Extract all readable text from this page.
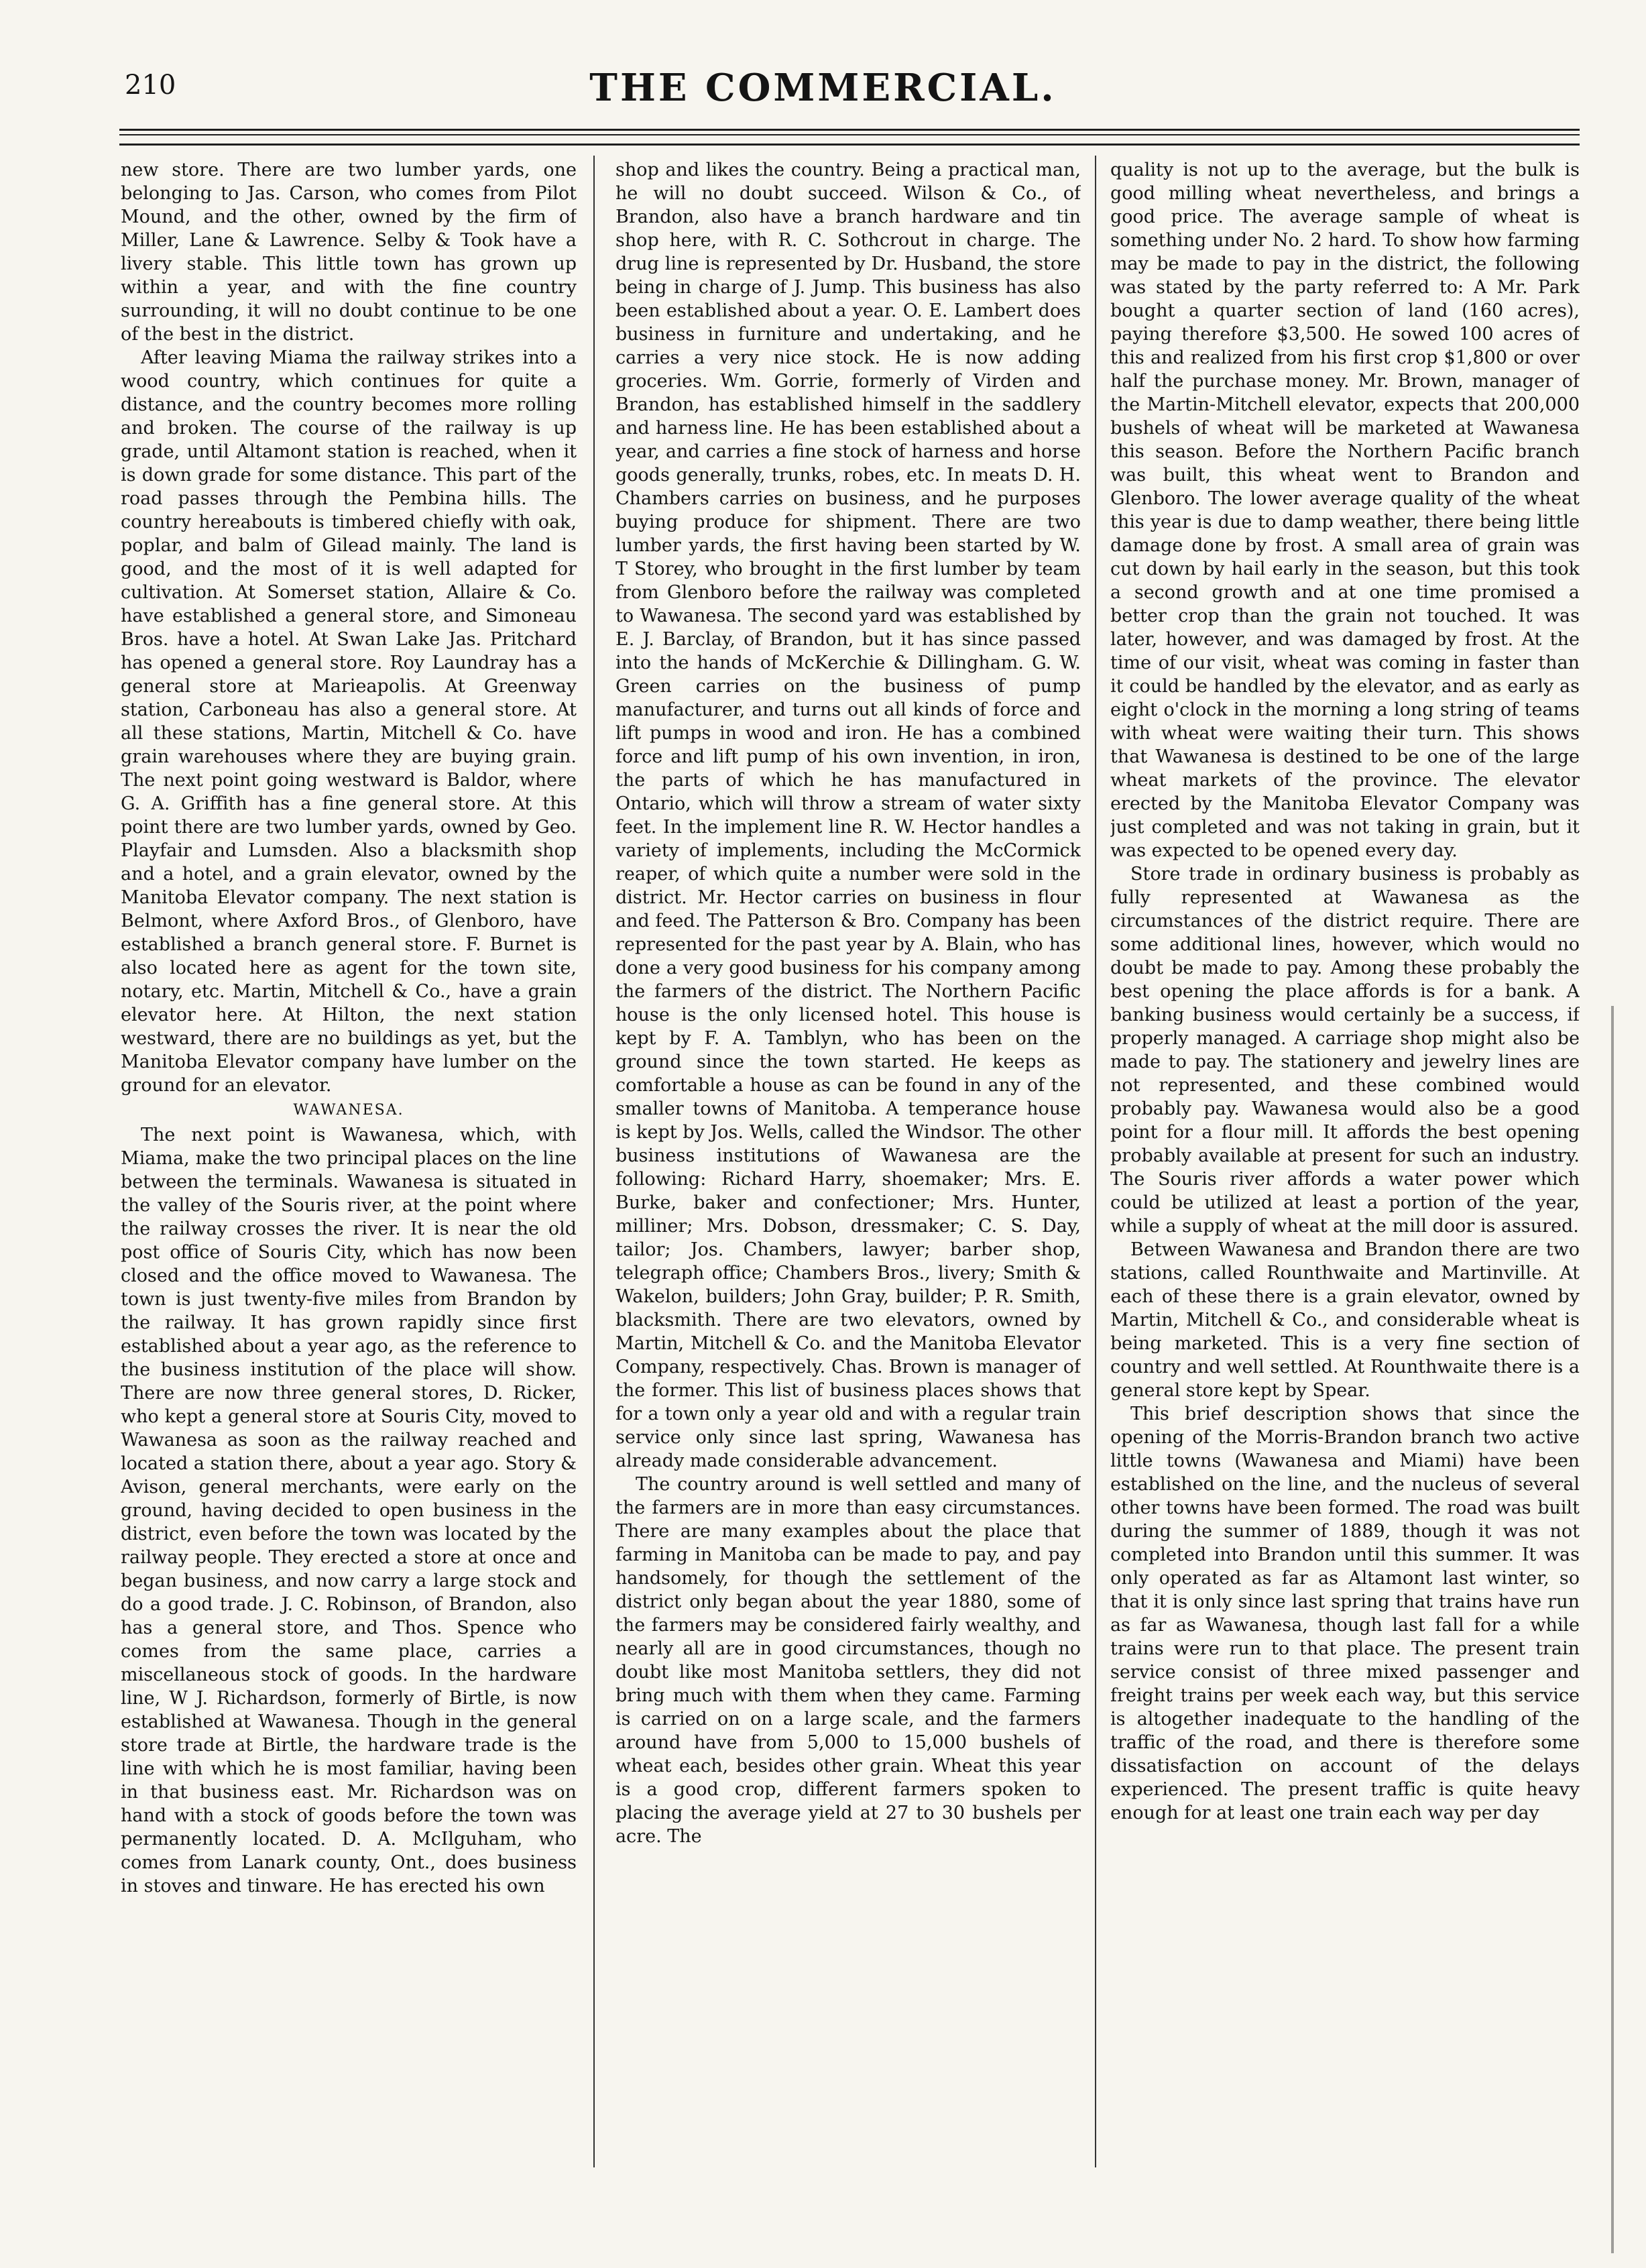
210	THE COMMERCIAL.

new store. There are two lumber yards, one belonging to Jas. Carson, who comes from Pilot Mound, and the other, owned by the firm of Miller, Lane & Lawrence. Selby & Took have a livery stable. This little town has grown up within a year, and with the fine country surrounding, it will no doubt continue to be one of the best in the district.

After leaving Miama the railway strikes into a wood country, which continues for quite a distance, and the country becomes more rolling and broken. The course of the railway is up grade, until Altamont station is reached, when it is down grade for some distance. This part of the road passes through the Pembina hills. The country hereabouts is timbered chiefly with oak, poplar, and balm of Gilead mainly. The land is good, and the most of it is well adapted for cultivation. At Somerset station, Allaire & Co. have established a general store, and Simoneau Bros. have a hotel. At Swan Lake Jas. Pritchard has opened a general store. Roy Laundray has a general store at Marieapolis. At Greenway station, Carboneau has also a general store. At all these stations, Martin, Mitchell & Co. have grain warehouses where they are buying grain. The next point going westward is Baldor, where G. A. Griffith has a fine general store. At this point there are two lumber yards, owned by Geo. Playfair and Lumsden. Also a blacksmith shop and a hotel, and a grain elevator, owned by the Manitoba Elevator company. The next station is Belmont, where Axford Bros., of Glenboro, have established a branch general store. F. Burnet is also located here as agent for the town site, notary, etc. Martin, Mitchell & Co., have a grain elevator here. At Hilton, the next station westward, there are no buildings as yet, but the Manitoba Elevator company have lumber on the ground for an elevator.

WAWANESA.

The next point is Wawanesa, which, with Miama, make the two principal places on the line between the terminals. Wawanesa is situated in the valley of the Souris river, at the point where the railway crosses the river. It is near the old post office of Souris City, which has now been closed and the office moved to Wawanesa. The town is just twenty-five miles from Brandon by the railway. It has grown rapidly since first established about a year ago, as the reference to the business institution of the place will show. There are now three general stores, D. Ricker, who kept a general store at Souris City, moved to Wawanesa as soon as the railway reached and located a station there, about a year ago. Story & Avison, general merchants, were early on the ground, having decided to open business in the district, even before the town was located by the railway people. They erected a store at once and began business, and now carry a large stock and do a good trade. J. C. Robinson, of Brandon, also has a general store, and Thos. Spence who comes from the same place, carries a miscellaneous stock of goods. In the hardware line, W J. Richardson, formerly of Birtle, is now established at Wawanesa. Though in the general store trade at Birtle, the hardware trade is the line with which he is most familiar, having been in that business east. Mr. Richardson was on hand with a stock of goods before the town was permanently located. D. A. McIlguham, who comes from Lanark county, Ont., does business in stoves and tinware. He has erected his own

shop and likes the country. Being a practical man, he will no doubt succeed. Wilson & Co., of Brandon, also have a branch hardware and tin shop here, with R. C. Sothcrout in charge. The drug line is represented by Dr. Husband, the store being in charge of J. Jump. This business has also been established about a year. O. E. Lambert does business in furniture and undertaking, and he carries a very nice stock. He is now adding groceries. Wm. Gorrie, formerly of Virden and Brandon, has established himself in the saddlery and harness line. He has been established about a year, and carries a fine stock of harness and horse goods generally, trunks, robes, etc. In meats D. H. Chambers carries on business, and he purposes buying produce for shipment. There are two lumber yards, the first having been started by W. T Storey, who brought in the first lumber by team from Glenboro before the railway was completed to Wawanesa. The second yard was established by E. J. Barclay, of Brandon, but it has since passed into the hands of McKerchie & Dillingham. G. W. Green carries on the business of pump manufacturer, and turns out all kinds of force and lift pumps in wood and iron. He has a combined force and lift pump of his own invention, in iron, the parts of which he has manufactured in Ontario, which will throw a stream of water sixty feet. In the implement line R. W. Hector handles a variety of implements, including the McCormick reaper, of which quite a number were sold in the district. Mr. Hector carries on business in flour and feed. The Patterson & Bro. Company has been represented for the past year by A. Blain, who has done a very good business for his company among the farmers of the district. The Northern Pacific house is the only licensed hotel. This house is kept by F. A. Tamblyn, who has been on the ground since the town started. He keeps as comfortable a house as can be found in any of the smaller towns of Manitoba. A temperance house is kept by Jos. Wells, called the Windsor. The other business institutions of Wawanesa are the following: Richard Harry, shoemaker; Mrs. E. Burke, baker and confectioner; Mrs. Hunter, milliner; Mrs. Dobson, dressmaker; C. S. Day, tailor; Jos. Chambers, lawyer; barber shop, telegraph office; Chambers Bros., livery; Smith & Wakelon, builders; John Gray, builder; P. R. Smith, blacksmith. There are two elevators, owned by Martin, Mitchell & Co. and the Manitoba Elevator Company, respectively. Chas. Brown is manager of the former. This list of business places shows that for a town only a year old and with a regular train service only since last spring, Wawanesa has already made considerable advancement.

The country around is well settled and many of the farmers are in more than easy circumstances. There are many examples about the place that farming in Manitoba can be made to pay, and pay handsomely, for though the settlement of the district only began about the year 1880, some of the farmers may be considered fairly wealthy, and nearly all are in good circumstances, though no doubt like most Manitoba settlers, they did not bring much with them when they came. Farming is carried on on a large scale, and the farmers around have from 5,000 to 15,000 bushels of wheat each, besides other grain. Wheat this year is a good crop, different farmers spoken to placing the average yield at 27 to 30 bushels per acre. The

quality is not up to the average, but the bulk is good milling wheat nevertheless, and brings a good price. The average sample of wheat is something under No. 2 hard. To show how farming may be made to pay in the district, the following was stated by the party referred to: A Mr. Park bought a quarter section of land (160 acres), paying therefore $3,500. He sowed 100 acres of this and realized from his first crop $1,800 or over half the purchase money. Mr. Brown, manager of the Martin-Mitchell elevator, expects that 200,000 bushels of wheat will be marketed at Wawanesa this season. Before the Northern Pacific branch was built, this wheat went to Brandon and Glenboro. The lower average quality of the wheat this year is due to damp weather, there being little damage done by frost. A small area of grain was cut down by hail early in the season, but this took a second growth and at one time promised a better crop than the grain not touched. It was later, however, and was damaged by frost. At the time of our visit, wheat was coming in faster than it could be handled by the elevator, and as early as eight o'clock in the morning a long string of teams with wheat were waiting their turn. This shows that Wawanesa is destined to be one of the large wheat markets of the province. The elevator erected by the Manitoba Elevator Company was just completed and was not taking in grain, but it was expected to be opened every day.

Store trade in ordinary business is probably as fully represented at Wawanesa as the circumstances of the district require. There are some additional lines, however, which would no doubt be made to pay. Among these probably the best opening the place affords is for a bank. A banking business would certainly be a success, if properly managed. A carriage shop might also be made to pay. The stationery and jewelry lines are not represented, and these combined would probably pay. Wawanesa would also be a good point for a flour mill. It affords the best opening probably available at present for such an industry. The Souris river affords a water power which could be utilized at least a portion of the year, while a supply of wheat at the mill door is assured.

Between Wawanesa and Brandon there are two stations, called Rounthwaite and Martinville. At each of these there is a grain elevator, owned by Martin, Mitchell & Co., and considerable wheat is being marketed. This is a very fine section of country and well settled. At Rounthwaite there is a general store kept by Spear.

This brief description shows that since the opening of the Morris-Brandon branch two active little towns (Wawanesa and Miami) have been established on the line, and the nucleus of several other towns have been formed. The road was built during the summer of 1889, though it was not completed into Brandon until this summer. It was only operated as far as Altamont last winter, so that it is only since last spring that trains have run as far as Wawanesa, though last fall for a while trains were run to that place. The present train service consist of three mixed passenger and freight trains per week each way, but this service is altogether inadequate to the handling of the traffic of the road, and there is therefore some dissatisfaction on account of the delays experienced. The present traffic is quite heavy enough for at least one train each way per day
